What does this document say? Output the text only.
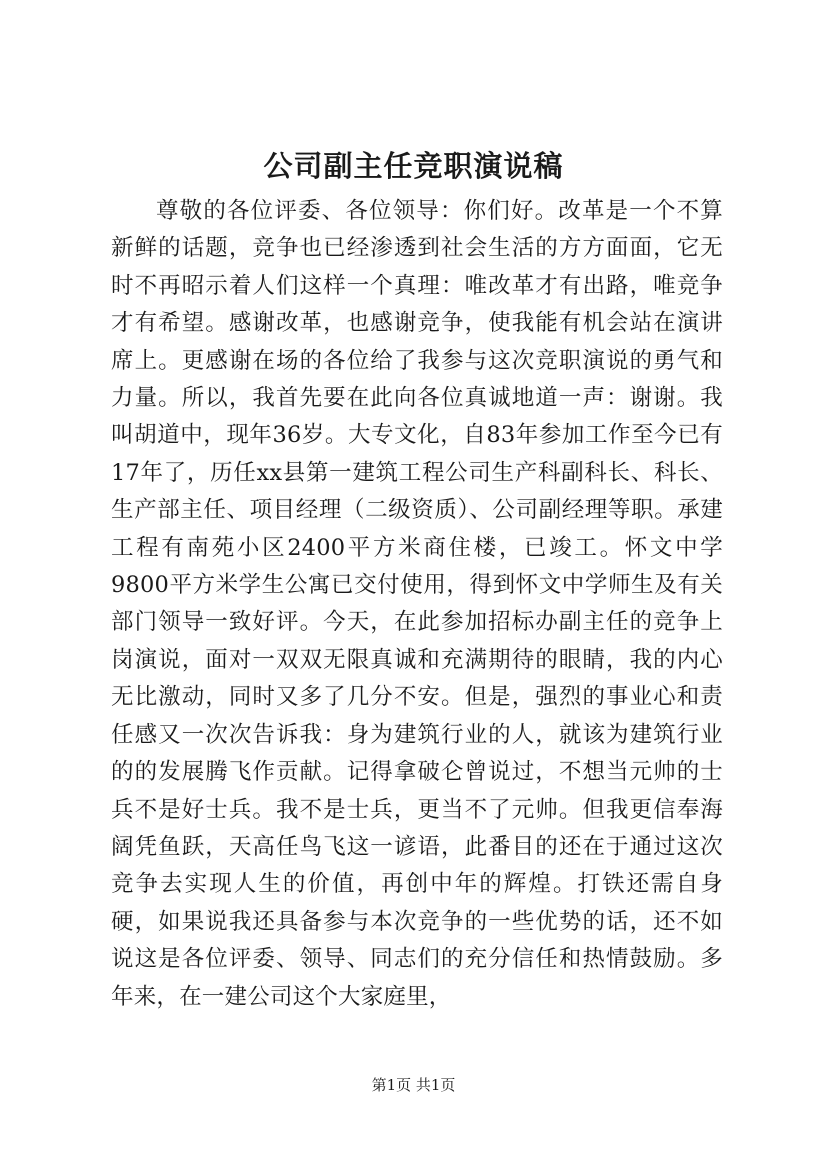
公司副主任竞职演说稿

尊敬的各位评委、各位领导：你们好。改革是一个不算新鲜的话题，竞争也已经渗透到社会生活的方方面面，它无时不再昭示着人们这样一个真理：唯改革才有出路，唯竞争才有希望。感谢改革，也感谢竞争，使我能有机会站在演讲席上。更感谢在场的各位给了我参与这次竞职演说的勇气和力量。所以，我首先要在此向各位真诚地道一声：谢谢。我叫胡道中，现年36岁。大专文化，自83年参加工作至今已有17年了，历任xx县第一建筑工程公司生产科副科长、科长、生产部主任、项目经理（二级资质）、公司副经理等职。承建工程有南苑小区2400平方米商住楼，已竣工。怀文中学9800平方米学生公寓已交付使用，得到怀文中学师生及有关部门领导一致好评。今天，在此参加招标办副主任的竞争上岗演说，面对一双双无限真诚和充满期待的眼睛，我的内心无比激动，同时又多了几分不安。但是，强烈的事业心和责任感又一次次告诉我：身为建筑行业的人，就该为建筑行业的的发展腾飞作贡献。记得拿破仑曾说过，不想当元帅的士兵不是好士兵。我不是士兵，更当不了元帅。但我更信奉海阔凭鱼跃，天高任鸟飞这一谚语，此番目的还在于通过这次竞争去实现人生的价值，再创中年的辉煌。打铁还需自身硬，如果说我还具备参与本次竞争的一些优势的话，还不如说这是各位评委、领导、同志们的充分信任和热情鼓励。多年来，在一建公司这个大家庭里，

第1页 共1页
